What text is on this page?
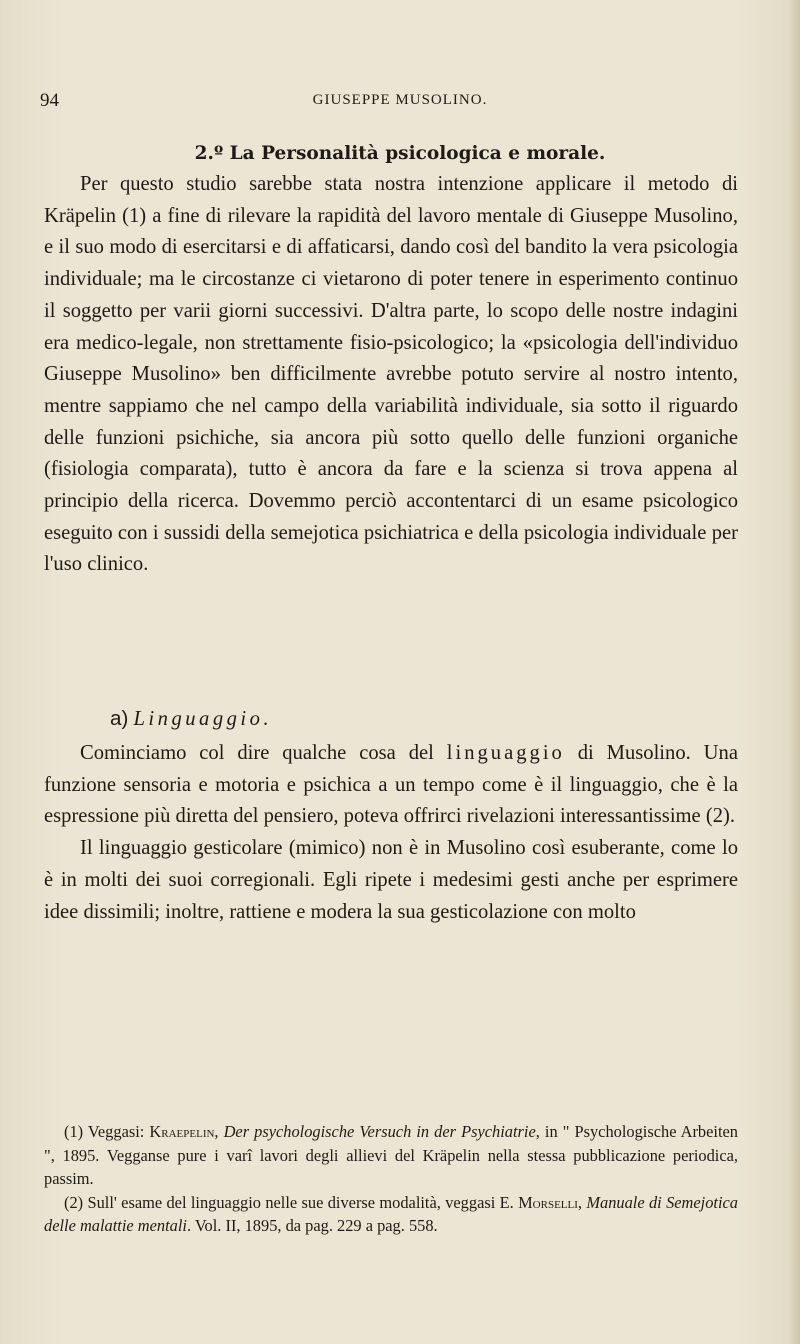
94	GIUSEPPE MUSOLINO.
2.º La Personalità psicologica e morale.

Per questo studio sarebbe stata nostra intenzione applicare il metodo di Kräpelin (1) a fine di rilevare la rapidità del lavoro mentale di Giuseppe Musolino, e il suo modo di esercitarsi e di affaticarsi, dando così del bandito la vera psicologia individuale; ma le circostanze ci vietarono di poter tenere in esperimento continuo il soggetto per varii giorni successivi. D'altra parte, lo scopo delle nostre indagini era medico-legale, non strettamente fisio-psicologico; la «psicologia dell'individuo Giuseppe Musolino» ben difficilmente avrebbe potuto servire al nostro intento, mentre sappiamo che nel campo della variabilità individuale, sia sotto il riguardo delle funzioni psichiche, sia ancora più sotto quello delle funzioni organiche (fisiologia comparata), tutto è ancora da fare e la scienza si trova appena al principio della ricerca. Dovemmo perciò accontentarci di un esame psicologico eseguito con i sussidi della semejotica psichiatrica e della psicologia individuale per l'uso clinico.

a) Linguaggio.

Cominciamo col dire qualche cosa del linguaggio di Musolino. Una funzione sensoria e motoria e psichica a un tempo come è il linguaggio, che è la espressione più diretta del pensiero, poteva offrirci rivelazioni interessantissime (2).

Il linguaggio gesticolare (mimico) non è in Musolino così esuberante, come lo è in molti dei suoi corregionali. Egli ripete i medesimi gesti anche per esprimere idee dissimili; inoltre, rattiene e modera la sua gesticolazione con molto

(1) Veggasi: Kraepelin, Der psychologische Versuch in der Psychiatrie, in " Psychologische Arbeiten ", 1895. Vegganse pure i varî lavori degli allievi del Kräpelin nella stessa pubblicazione periodica, passim.

(2) Sull' esame del linguaggio nelle sue diverse modalità, veggasi E. Morselli, Manuale di Semejotica delle malattie mentali. Vol. II, 1895, da pag. 229 a pag. 558.
